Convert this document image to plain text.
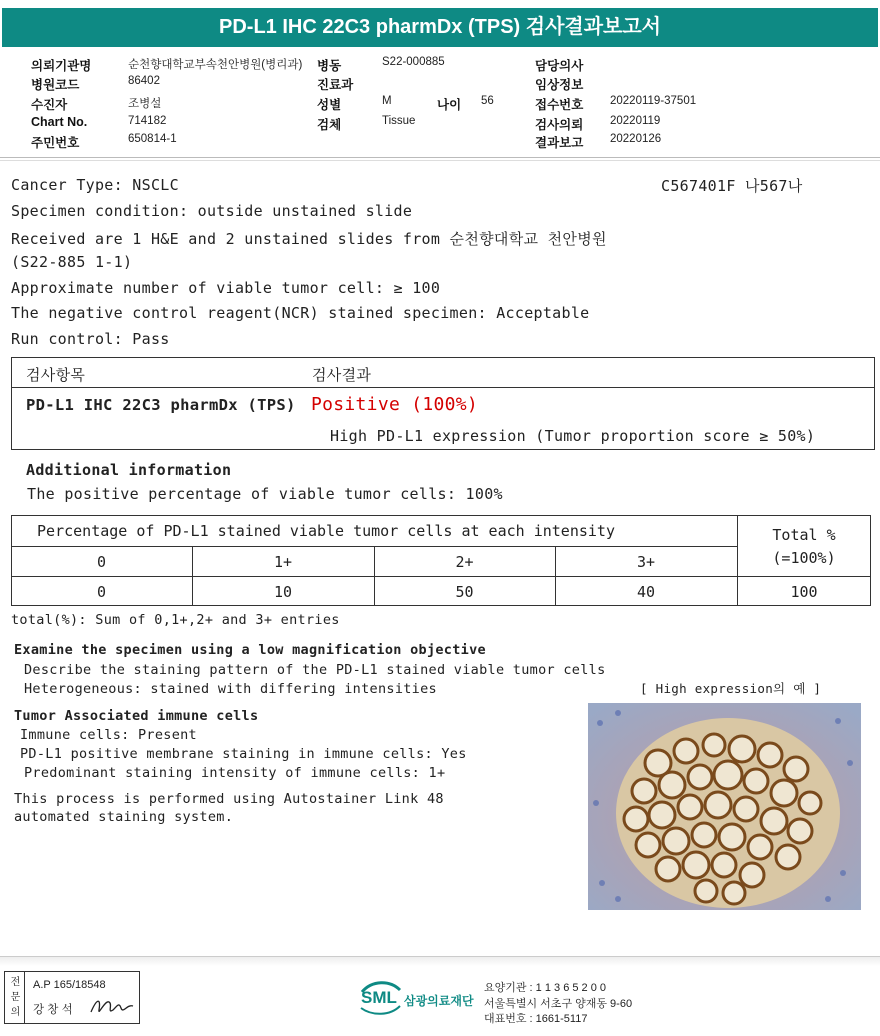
PD-L1 IHC 22C3 pharmDx (TPS) 검사결과보고서
의뢰기관명	순천향대학교부속천안병원(병리과) 병동	S22-000885	담당의사
병원코드	86402	진료과	임상정보
수진자	조병설	성별	M	나이 56	접수번호 20220119-37501
Chart No.	714182	검체	Tissue	검사의뢰 20220119
주민번호	650814-1	결과보고 20220126
Cancer Type: NSCLC	C567401F 나567나
Specimen condition: outside unstained slide
Received are 1 H&E and 2 unstained slides from 순천향대학교 천안병원
(S22-885 1-1)
Approximate number of viable tumor cell: ≥ 100
The negative control reagent(NCR) stained specimen: Acceptable
Run control: Pass
검사항목	검사결과
PD-L1 IHC 22C3 pharmDx (TPS) Positive (100%)
High PD-L1 expression (Tumor proportion score ≥ 50%)
Additional information
The positive percentage of viable tumor cells: 100%
Percentage of PD-L1 stained viable tumor cells at each intensity	Total %
(=100%)
0	1+	2+	3+
0	10	50	40	100
total(%): Sum of 0,1+,2+ and 3+ entries
Examine the specimen using a low magnification objective
Describe the staining pattern of the PD-L1 stained viable tumor cells
Heterogeneous: stained with differing intensities	[ High expression의 예 ]
Tumor Associated immune cells
Immune cells: Present
PD-L1 positive membrane staining in immune cells: Yes
Predominant staining intensity of immune cells: 1+
This process is performed using Autostainer Link 48
automated staining system.
전문의
A.P 165/18548
강 창 석
SML 삼광의료재단
요양기관 : 1 1 3 6 5 2 0 0
서울특별시 서초구 양재동 9-60
대표번호 : 1661-5117
